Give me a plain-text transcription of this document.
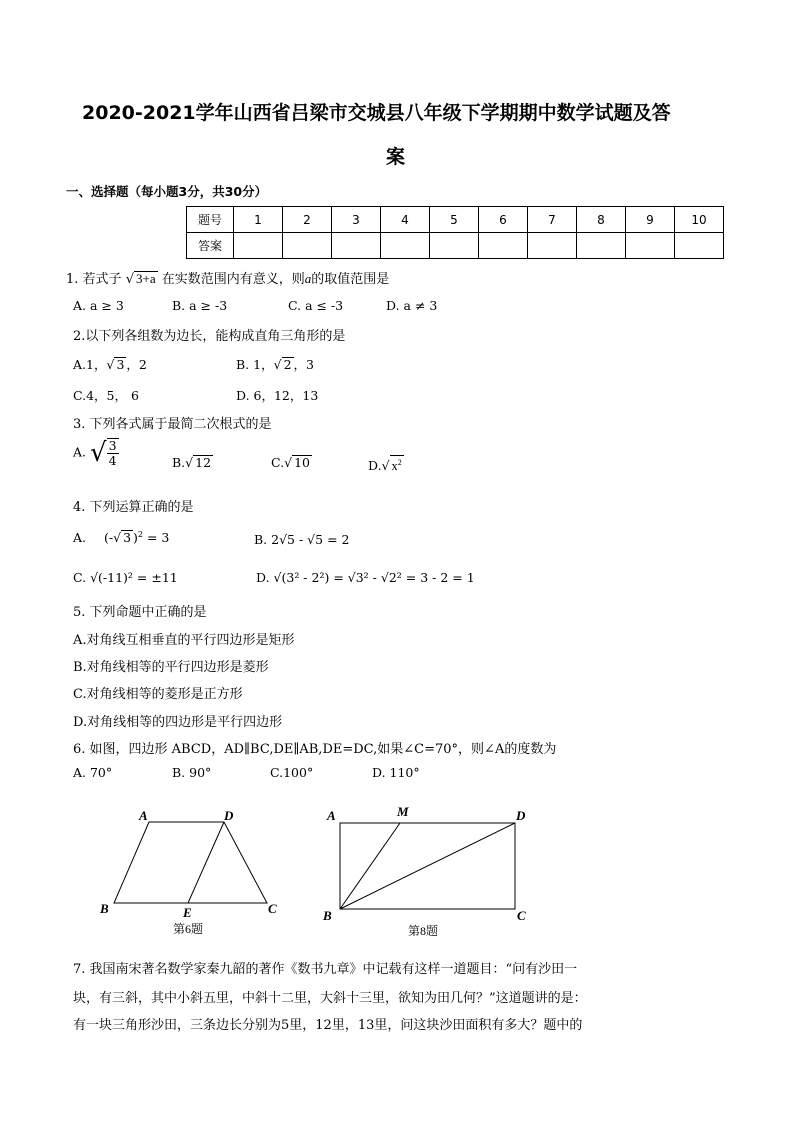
2020-2021学年山西省吕梁市交城县八年级下学期期中数学试题及答
案
一、选择题（每小题3分，共30分）
题号	1	2	3	4	5	6	7	8	9	10
答案										
1. 若式子 √ 3+a 在实数范围内有意义，则a的取值范围是
A. a ≥ 3	B. a ≥ -3	C. a ≤ -3	D. a ≠ 3
2.以下列各组数为边长，能构成直角三角形的是
A.1，√ 3 ，2	B. 1，√ 2 ，3
C.4，5， 6	D. 6，12，13
3. 下列各式属于最简二次根式的是
A. √ $\frac{3}{4}$	B.√ 12	C.√ 10	D.√ $x^2$
4. 下列运算正确的是
A. (-√ 3 )$^2$ = 3	B. 2√5 - √5 = 2
C. √(-11)² = ±11	D. √(3² - 2²) = √3² - √2² = 3 - 2 = 1
5. 下列命题中正确的是
A.对角线互相垂直的平行四边形是矩形
B.对角线相等的平行四边形是菱形
C.对角线相等的菱形是正方形
D.对角线相等的四边形是平行四边形
6. 如图，四边形 ABCD，AD∥BC,DE∥AB,DE=DC,如果∠C=70°，则∠A的度数为
A. 70°	B. 90°	C.100°	D. 110°
A	D
B	E	C
第6题
A	M	D
B	C
第8题
7. 我国南宋著名数学家秦九韶的著作《数书九章》中记载有这样一道题目：“问有沙田一
块，有三斜，其中小斜五里，中斜十二里，大斜十三里，欲知为田几何？”这道题讲的是：
有一块三角形沙田，三条边长分别为5里，12里，13里，问这块沙田面积有多大？题中的
